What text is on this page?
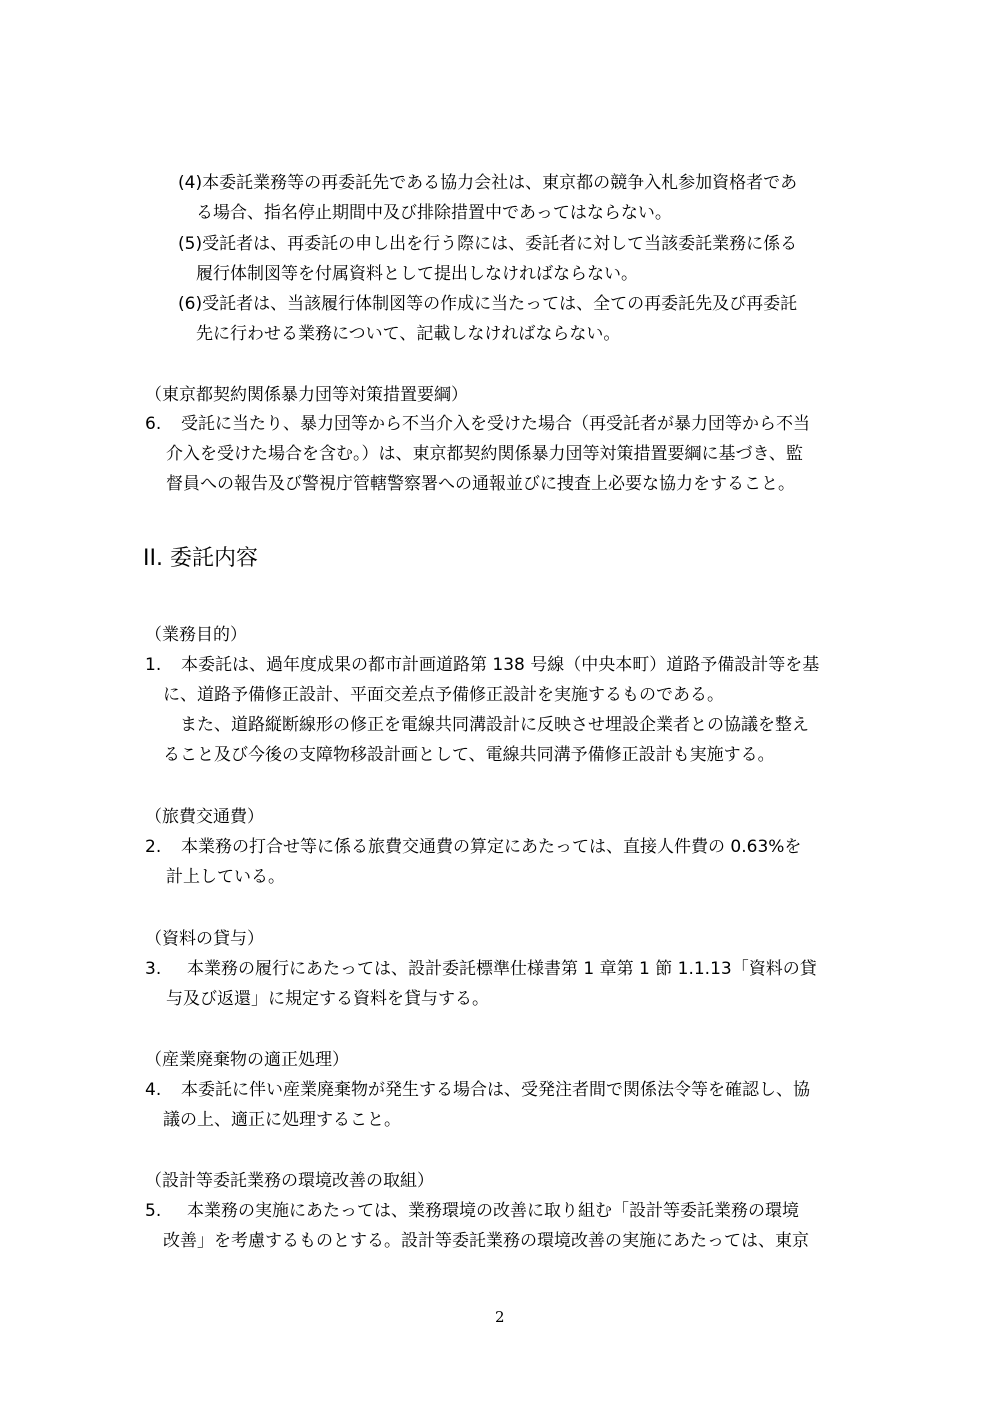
(4)本委託業務等の再委託先である協力会社は、東京都の競争入札参加資格者であ

る場合、指名停止期間中及び排除措置中であってはならない。

(5)受託者は、再委託の申し出を行う際には、委託者に対して当該委託業務に係る

履行体制図等を付属資料として提出しなければならない。

(6)受託者は、当該履行体制図等の作成に当たっては、全ての再委託先及び再委託

先に行わせる業務について、記載しなければならない。

（東京都契約関係暴力団等対策措置要綱）

6. 受託に当たり、暴力団等から不当介入を受けた場合（再受託者が暴力団等から不当

介入を受けた場合を含む。）は、東京都契約関係暴力団等対策措置要綱に基づき、監

督員への報告及び警視庁管轄警察署への通報並びに捜査上必要な協力をすること。

II. 委託内容

（業務目的）

1. 本委託は、過年度成果の都市計画道路第 138 号線（中央本町）道路予備設計等を基

に、道路予備修正設計、平面交差点予備修正設計を実施するものである。

また、道路縦断線形の修正を電線共同溝設計に反映させ埋設企業者との協議を整え

ること及び今後の支障物移設計画として、電線共同溝予備修正設計も実施する。

（旅費交通費）

2. 本業務の打合せ等に係る旅費交通費の算定にあたっては、直接人件費の 0.63%を

計上している。

（資料の貸与）

3. 本業務の履行にあたっては、設計委託標準仕様書第 1 章第 1 節 1.1.13「資料の貸

与及び返還」に規定する資料を貸与する。

（産業廃棄物の適正処理）

4. 本委託に伴い産業廃棄物が発生する場合は、受発注者間で関係法令等を確認し、協

議の上、適正に処理すること。

（設計等委託業務の環境改善の取組）

5. 本業務の実施にあたっては、業務環境の改善に取り組む「設計等委託業務の環境

改善」を考慮するものとする。設計等委託業務の環境改善の実施にあたっては、東京

2
